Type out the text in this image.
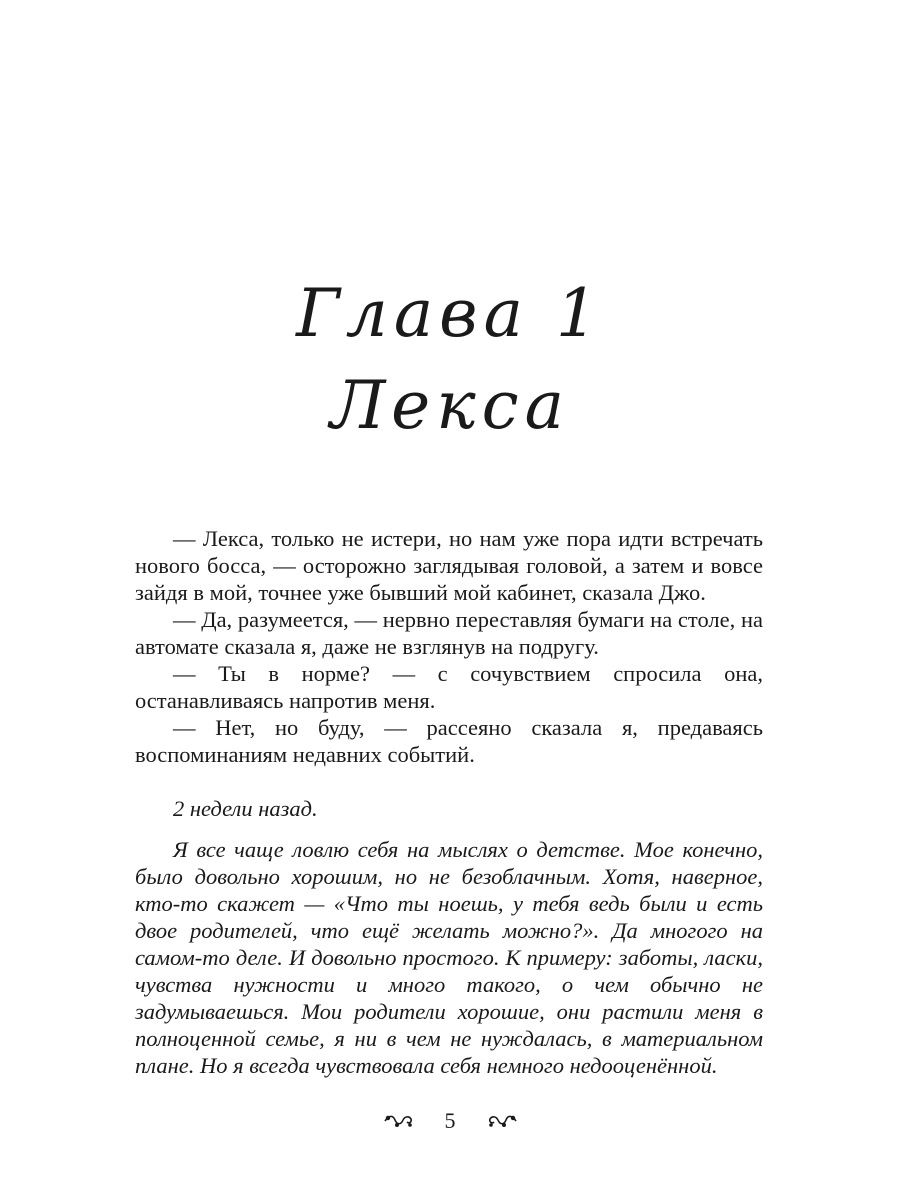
Глава 1
Лекса

— Лекса, только не истери, но нам уже пора идти встречать нового босса, — осторожно заглядывая головой, а затем и вовсе зайдя в мой, точнее уже бывший мой кабинет, сказала Джо.

— Да, разумеется, — нервно переставляя бумаги на столе, на автомате сказала я, даже не взглянув на подругу.

— Ты в норме? — с сочувствием спросила она, останавливаясь напротив меня.

— Нет, но буду, — рассеяно сказала я, предаваясь воспоминаниям недавних событий.

2 недели назад.

Я все чаще ловлю себя на мыслях о детстве. Мое конечно, было довольно хорошим, но не безоблачным. Хотя, наверное, кто-то скажет — «Что ты ноешь, у тебя ведь были и есть двое родителей, что ещё желать можно?». Да многого на самом-то деле. И довольно простого. К примеру: заботы, ласки, чувства нужности и много такого, о чем обычно не задумываешься. Мои родители хорошие, они растили меня в полноценной семье, я ни в чем не нуждалась, в материальном плане. Но я всегда чувствовала себя немного недооценённой.

5
